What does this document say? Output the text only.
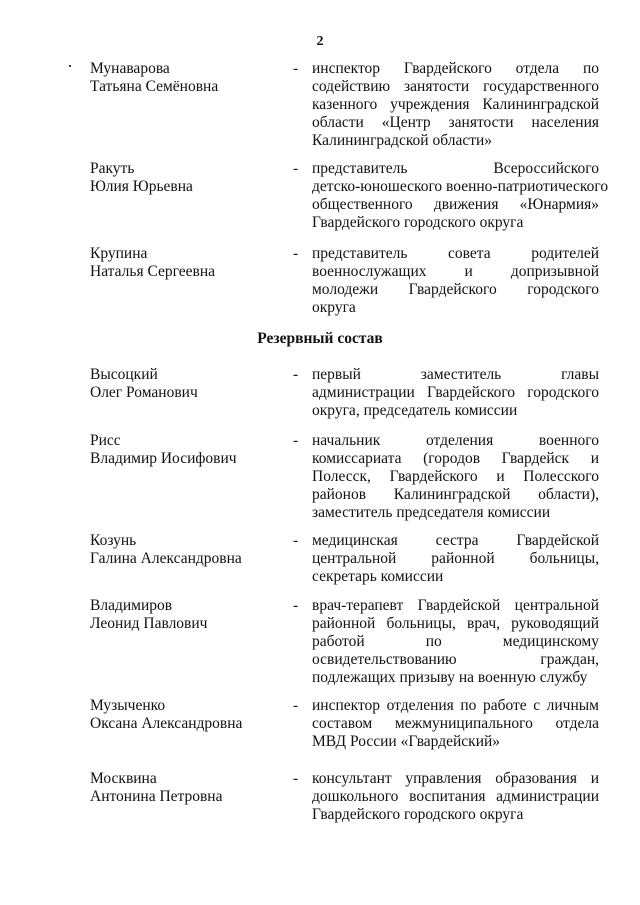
2
Мунаварова
Татьяна Семёновна
- инспектор Гвардейского отдела по
содействию занятости государственного
казенного учреждения Калининградской
области «Центр занятости населения
Калининградской области»
Ракуть
Юлия Юрьевна
- представитель Всероссийского
детско-юношеского военно-патриотического
общественного движения «Юнармия»
Гвардейского городского округа
Крупина
Наталья Сергеевна
- представитель совета родителей
военнослужащих и допризывной
молодежи Гвардейского городского
округа
Резервный состав
Высоцкий
Олег Романович
- первый заместитель главы
администрации Гвардейского городского
округа, председатель комиссии
Рисс
Владимир Иосифович
- начальник отделения военного
комиссариата (городов Гвардейск и
Полесск, Гвардейского и Полесского
районов Калининградской области),
заместитель председателя комиссии
Козунь
Галина Александровна
- медицинская сестра Гвардейской
центральной районной больницы,
секретарь комиссии
Владимиров
Леонид Павлович
- врач-терапевт Гвардейской центральной
районной больницы, врач, руководящий
работой по медицинскому
освидетельствованию граждан,
подлежащих призыву на военную службу
Музыченко
Оксана Александровна
- инспектор отделения по работе с личным
составом межмуниципального отдела
МВД России «Гвардейский»
Москвина
Антонина Петровна
- консультант управления образования и
дошкольного воспитания администрации
Гвардейского городского округа
